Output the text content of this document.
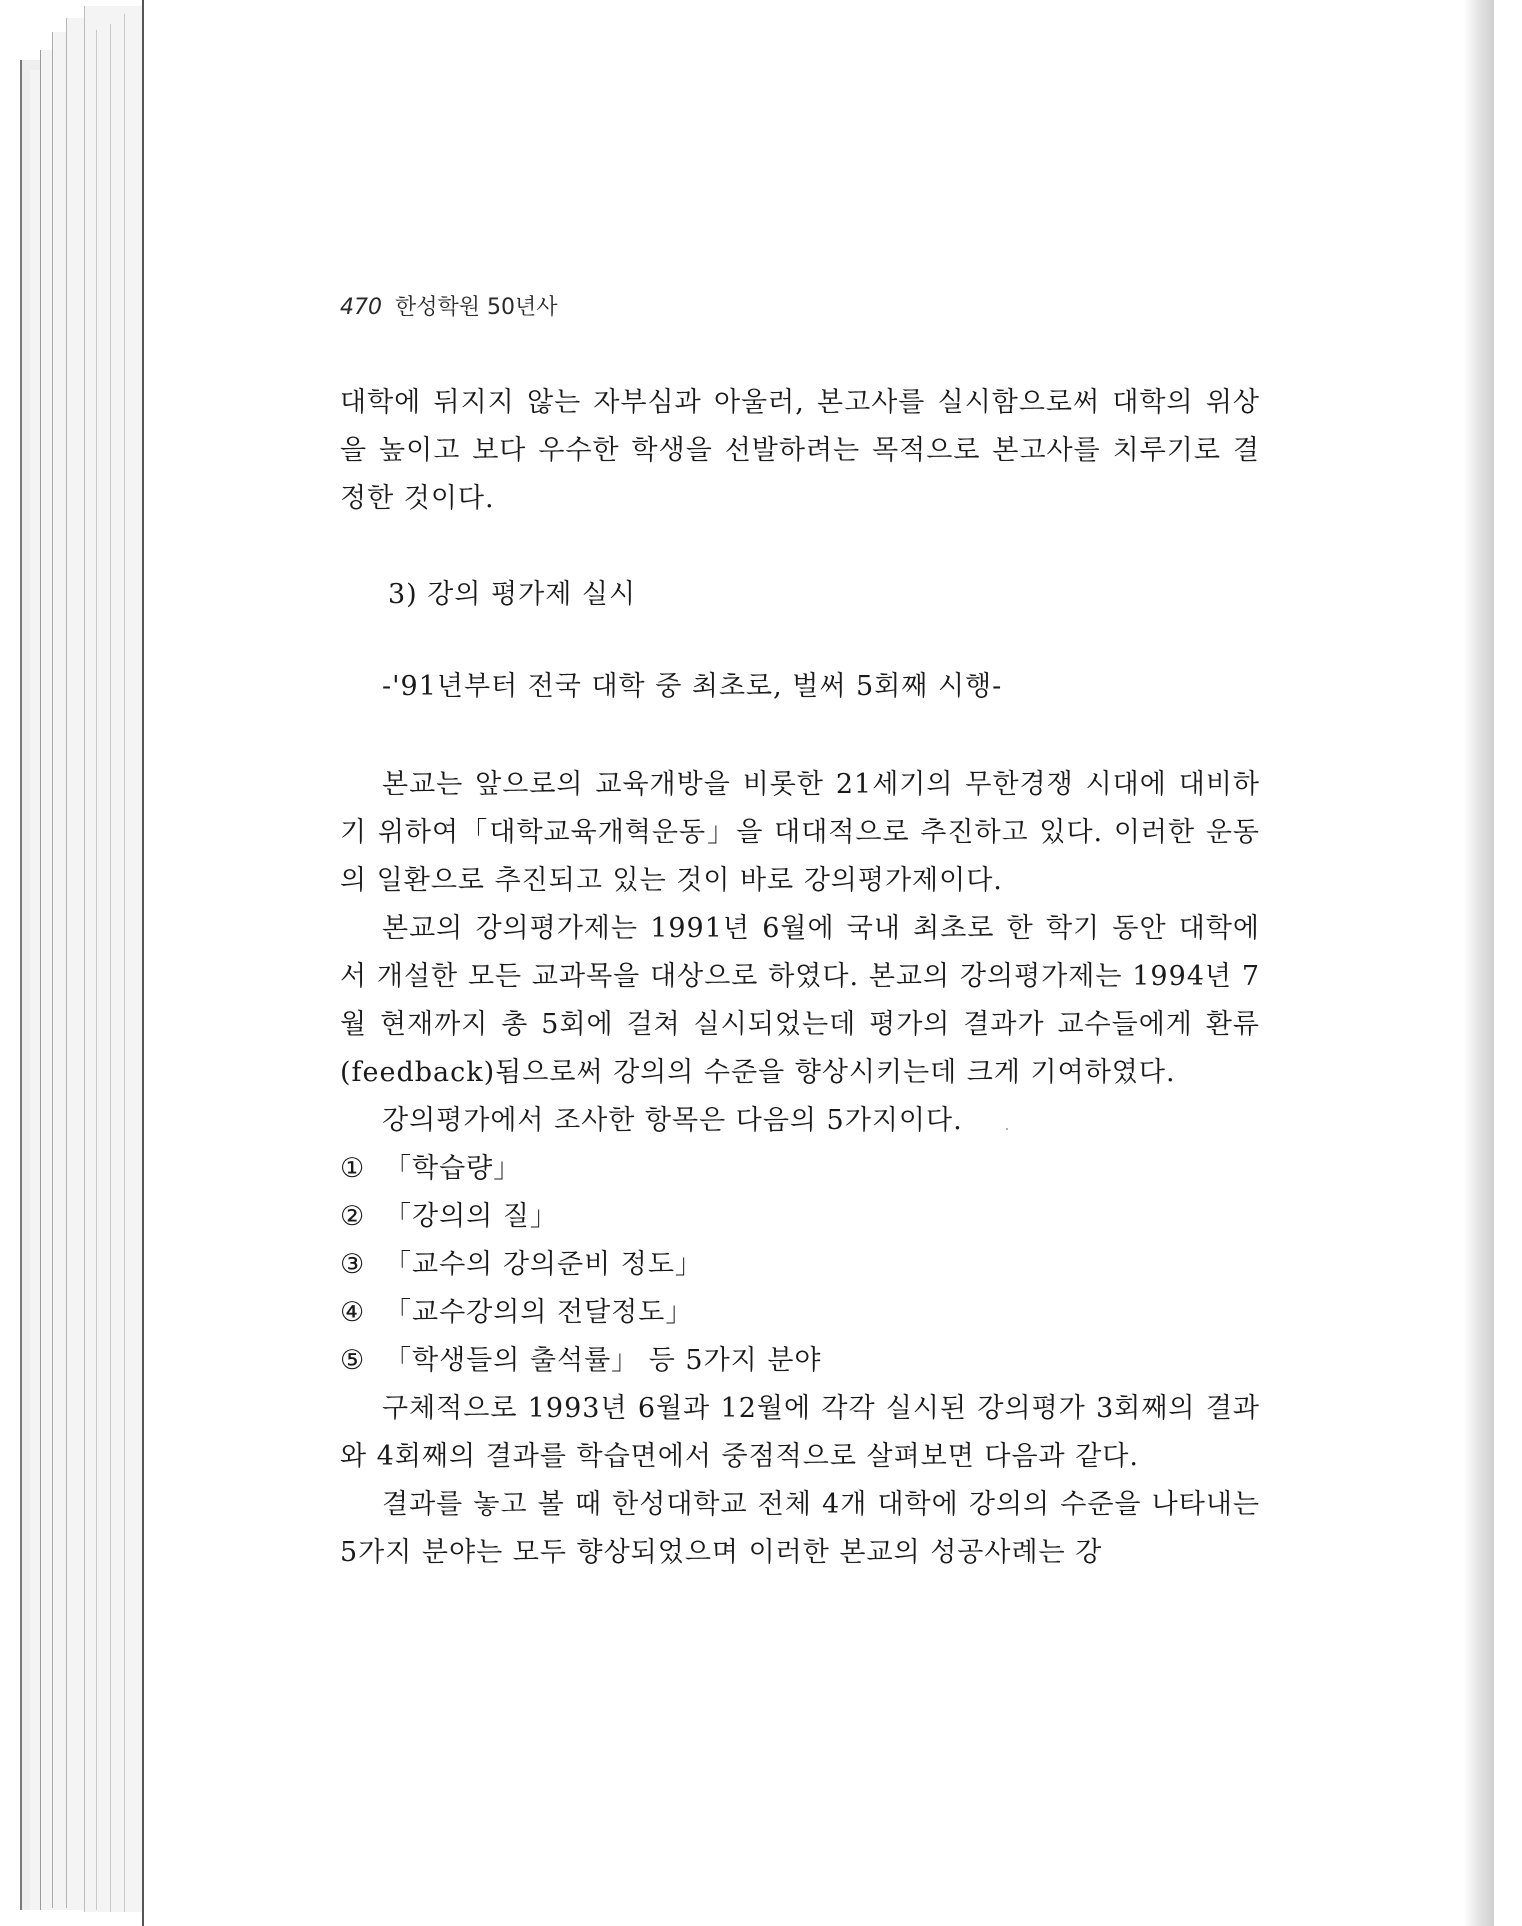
470 한성학원 50년사

대학에 뒤지지 않는 자부심과 아울러, 본고사를 실시함으로써 대학의 위상을 높이고 보다 우수한 학생을 선발하려는 목적으로 본고사를 치루기로 결정한 것이다.

3) 강의 평가제 실시
-'91년부터 전국 대학 중 최초로, 벌써 5회째 시행-

본교는 앞으로의 교육개방을 비롯한 21세기의 무한경쟁 시대에 대비하기 위하여「대학교육개혁운동」을 대대적으로 추진하고 있다. 이러한 운동의 일환으로 추진되고 있는 것이 바로 강의평가제이다.

본교의 강의평가제는 1991년 6월에 국내 최초로 한 학기 동안 대학에서 개설한 모든 교과목을 대상으로 하였다. 본교의 강의평가제는 1994년 7월 현재까지 총 5회에 걸쳐 실시되었는데 평가의 결과가 교수들에게 환류(feedback)됨으로써 강의의 수준을 향상시키는데 크게 기여하였다.

강의평가에서 조사한 항목은 다음의 5가지이다.

① 「학습량」
② 「강의의 질」
③ 「교수의 강의준비 정도」
④ 「교수강의의 전달정도」
⑤ 「학생들의 출석률」 등 5가지 분야

구체적으로 1993년 6월과 12월에 각각 실시된 강의평가 3회째의 결과와 4회째의 결과를 학습면에서 중점적으로 살펴보면 다음과 같다.

결과를 놓고 볼 때 한성대학교 전체 4개 대학에 강의의 수준을 나타내는 5가지 분야는 모두 향상되었으며 이러한 본교의 성공사례는 강
